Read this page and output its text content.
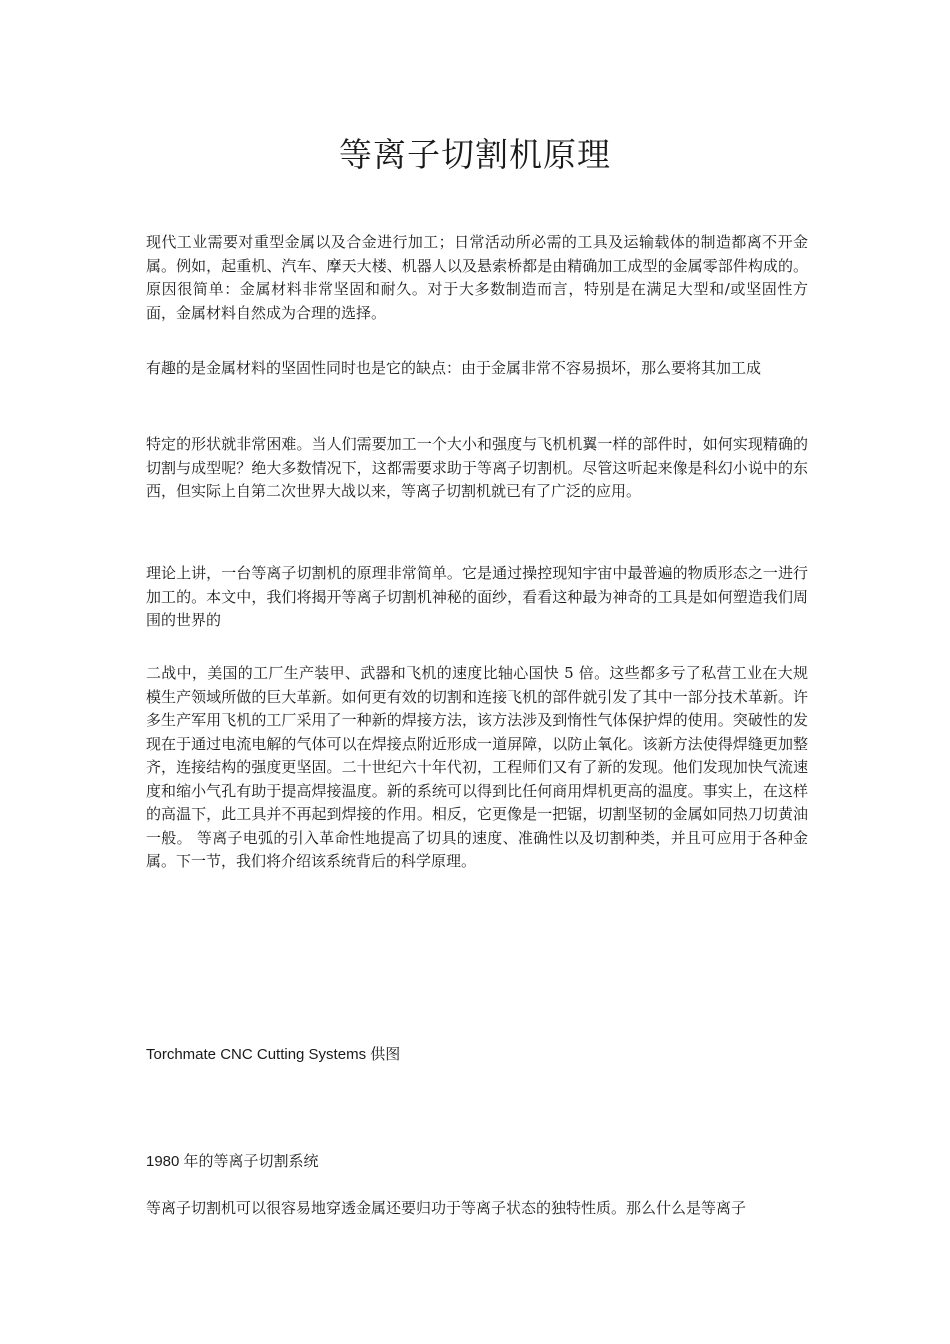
等离子切割机原理

现代工业需要对重型金属以及合金进行加工；日常活动所必需的工具及运输载体的制造都离不开金属。例如，起重机、汽车、摩天大楼、机器人以及悬索桥都是由精确加工成型的金属零部件构成的。原因很简单：金属材料非常坚固和耐久。对于大多数制造而言，特别是在满足大型和/或坚固性方面，金属材料自然成为合理的选择。

有趣的是金属材料的坚固性同时也是它的缺点：由于金属非常不容易损坏，那么要将其加工成

特定的形状就非常困难。当人们需要加工一个大小和强度与飞机机翼一样的部件时，如何实现精确的切割与成型呢？绝大多数情况下，这都需要求助于等离子切割机。尽管这听起来像是科幻小说中的东西，但实际上自第二次世界大战以来，等离子切割机就已有了广泛的应用。

理论上讲，一台等离子切割机的原理非常简单。它是通过操控现知宇宙中最普遍的物质形态之一进行加工的。本文中，我们将揭开等离子切割机神秘的面纱，看看这种最为神奇的工具是如何塑造我们周围的世界的

二战中，美国的工厂生产装甲、武器和飞机的速度比轴心国快 5 倍。这些都多亏了私营工业在大规模生产领域所做的巨大革新。如何更有效的切割和连接飞机的部件就引发了其中一部分技术革新。许多生产军用飞机的工厂采用了一种新的焊接方法，该方法涉及到惰性气体保护焊的使用。突破性的发现在于通过电流电解的气体可以在焊接点附近形成一道屏障，以防止氧化。该新方法使得焊缝更加整齐，连接结构的强度更坚固。二十世纪六十年代初，工程师们又有了新的发现。他们发现加快气流速度和缩小气孔有助于提高焊接温度。新的系统可以得到比任何商用焊机更高的温度。事实上，在这样的高温下，此工具并不再起到焊接的作用。相反，它更像是一把锯，切割坚韧的金属如同热刀切黄油一般。 等离子电弧的引入革命性地提高了切具的速度、准确性以及切割种类，并且可应用于各种金属。下一节，我们将介绍该系统背后的科学原理。

Torchmate CNC Cutting Systems 供图

1980 年的等离子切割系统

等离子切割机可以很容易地穿透金属还要归功于等离子状态的独特性质。那么什么是等离子
